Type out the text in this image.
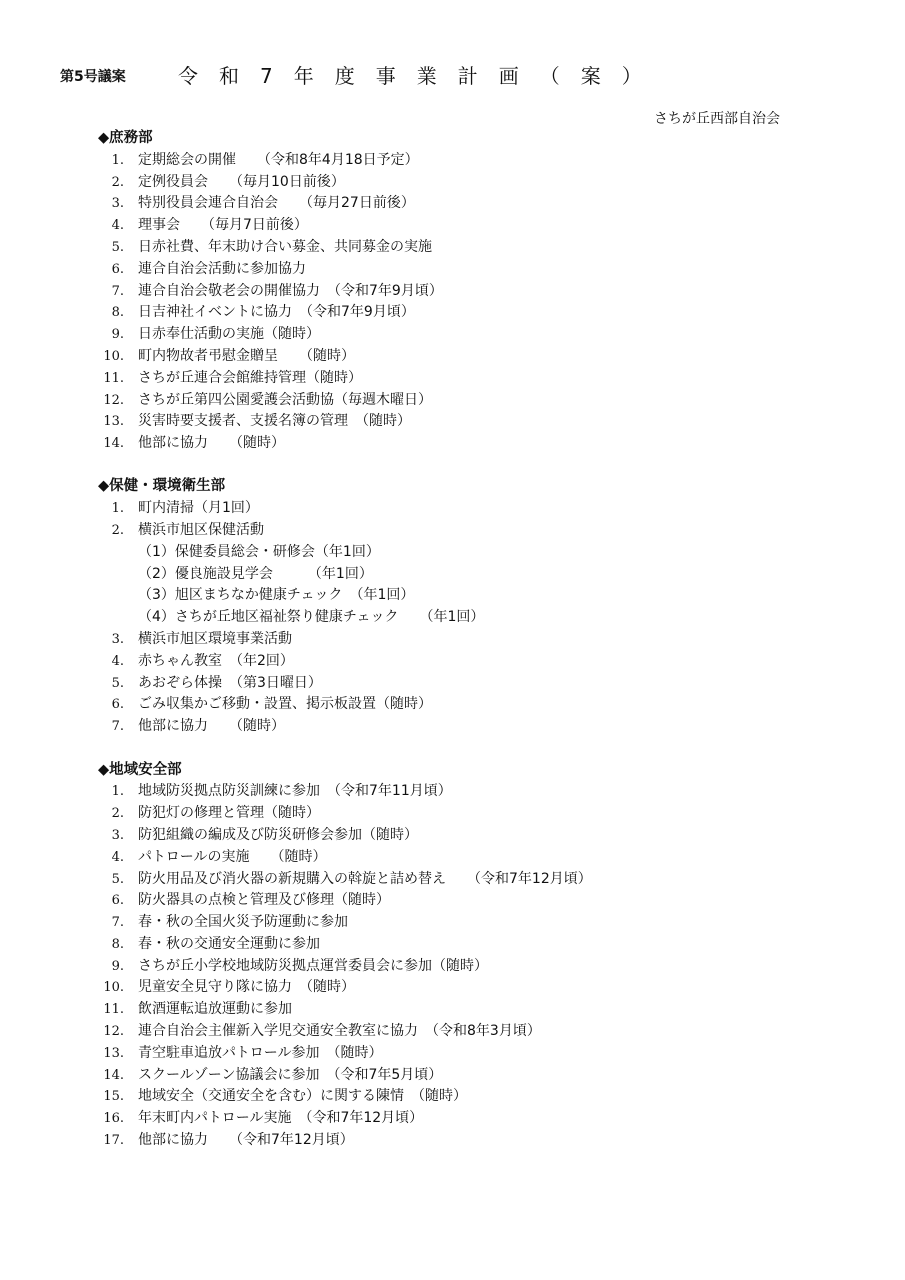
第5号議案	令和7年度事業計画（案）
さちが丘西部自治会
◆庶務部
1. 定期総会の開催　　（令和8年4月18日予定）
2. 定例役員会　　（毎月10日前後）
3. 特別役員会連合自治会　　（毎月27日前後）
4. 理事会　　（毎月7日前後）
5. 日赤社費、年末助け合い募金、共同募金の実施
6. 連合自治会活動に参加協力
7. 連合自治会敬老会の開催協力　（令和7年9月頃）
8. 日吉神社イベントに協力　（令和7年9月頃）
9. 日赤奉仕活動の実施（随時）
10. 町内物故者弔慰金贈呈　　（随時）
11. さちが丘連合会館維持管理（随時）
12. さちが丘第四公園愛護会活動協（毎週木曜日）
13. 災害時要支援者、支援名簿の管理　（随時）
14. 他部に協力　　（随時）
◆保健・環境衛生部
1. 町内清掃（月1回）
2. 横浜市旭区保健活動
（1）保健委員総会・研修会（年1回）
（2）優良施設見学会　　　（年1回）
（3）旭区まちなか健康チェック　（年1回）
（4）さちが丘地区福祉祭り健康チェック　　（年1回）
3. 横浜市旭区環境事業活動
4. 赤ちゃん教室　（年2回）
5. あおぞら体操　（第3日曜日）
6. ごみ収集かご移動・設置、掲示板設置（随時）
7. 他部に協力　　（随時）
◆地域安全部
1. 地域防災拠点防災訓練に参加　（令和7年11月頃）
2. 防犯灯の修理と管理（随時）
3. 防犯組織の編成及び防災研修会参加（随時）
4. パトロールの実施　　（随時）
5. 防火用品及び消火器の新規購入の斡旋と詰め替え　　（令和7年12月頃）
6. 防火器具の点検と管理及び修理（随時）
7. 春・秋の全国火災予防運動に参加
8. 春・秋の交通安全運動に参加
9. さちが丘小学校地域防災拠点運営委員会に参加（随時）
10. 児童安全見守り隊に協力　（随時）
11. 飲酒運転追放運動に参加
12. 連合自治会主催新入学児交通安全教室に協力　（令和8年3月頃）
13. 青空駐車追放パトロール参加　（随時）
14. スクールゾーン協議会に参加　（令和7年5月頃）
15. 地域安全（交通安全を含む）に関する陳情　（随時）
16. 年末町内パトロール実施　（令和7年12月頃）
17. 他部に協力　　（令和7年12月頃）
